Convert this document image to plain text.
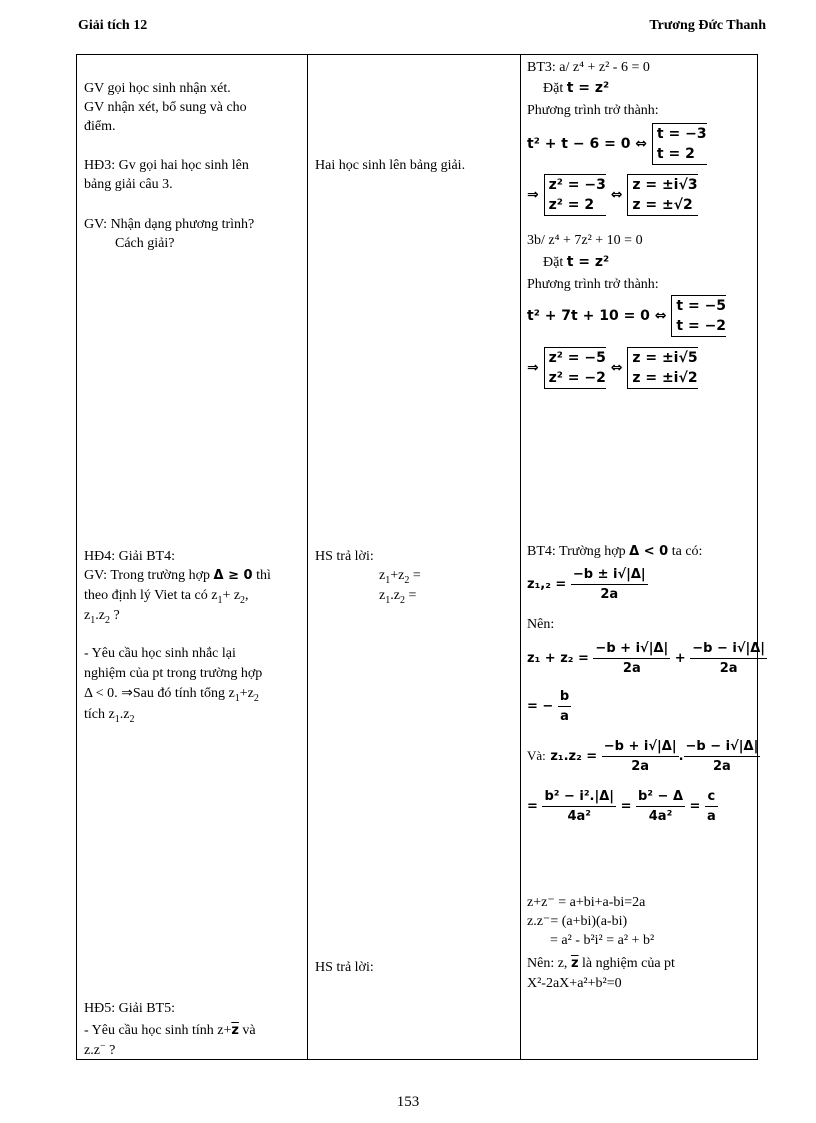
Giải tích 12	Trương Đức Thanh
GV gọi học sinh nhận xét.
GV nhận xét, bổ sung và cho
điểm.
HĐ3: Gv gọi hai học sinh lên
bảng giải câu 3.
GV: Nhận dạng phương trình?
Cách giải?
HĐ4: Giải BT4:
GV: Trong trường hợp Δ ≥ 0 thì
theo định lý Viet ta có $z_1+ z_2$,
$z_1.z_2$ ?
- Yêu cầu học sinh nhắc lại
nghiệm của pt trong trường hợp
Δ < 0. ⇒Sau đó tính tổng $z_1+z_2$
tích $z_1.z_2$
HĐ5: Giải BT5:
- Yêu cầu học sinh tính $z+\overline{z}$ và
z.z− ?
Hai học sinh lên bảng giải.
HS trả lời:
$z_1+z_2$ =
$z_1.z_2$ =
HS trả lời:
BT3: a/ z⁴ + z² - 6 = 0
Đặt t = z²
Phương trình trở thành:
t² + t − 6 = 0 ⇔ t = −3
t = 2
⇒ z² = −3
z² = 2 ⇔ z = ±i√3
z = ±√2
3b/ z⁴ + 7z² + 10 = 0
Đặt t = z²
Phương trình trở thành:
t² + 7t + 10 = 0 ⇔ t = −5
t = −2
⇒ z² = −5
z² = −2 ⇔ z = ±i√5
z = ±i√2
BT4: Trường hợp Δ < 0 ta có:
$z_1,_2 = \frac{-b \pm i√|\Delta|}{2a}$
Nên:
$z_1 + z_2 = \frac{-b + i√|\Delta|}{2a} + \frac{-b - i√|\Delta|}{2a}$
= − $\frac{b}{a}$
Và: $z_1.z_2 = \frac{-b + i√|\Delta|}{2a}$ . $\frac{-b - i√|\Delta|}{2a}$
= $\frac{\text{b² − i².|Δ|}}{\text{4a²}} = \frac{\text{b² − Δ}}{\text{4a²}} = \frac{c}{a}$
z+z⁻ = a+bi+a-bi=2a
z.z⁻= (a+bi)(a-bi)
= a² - b²i² = a² + b²
Nên: z, $\overline{z}$ là nghiệm của pt
X²-2aX+a²+b²=0
153
